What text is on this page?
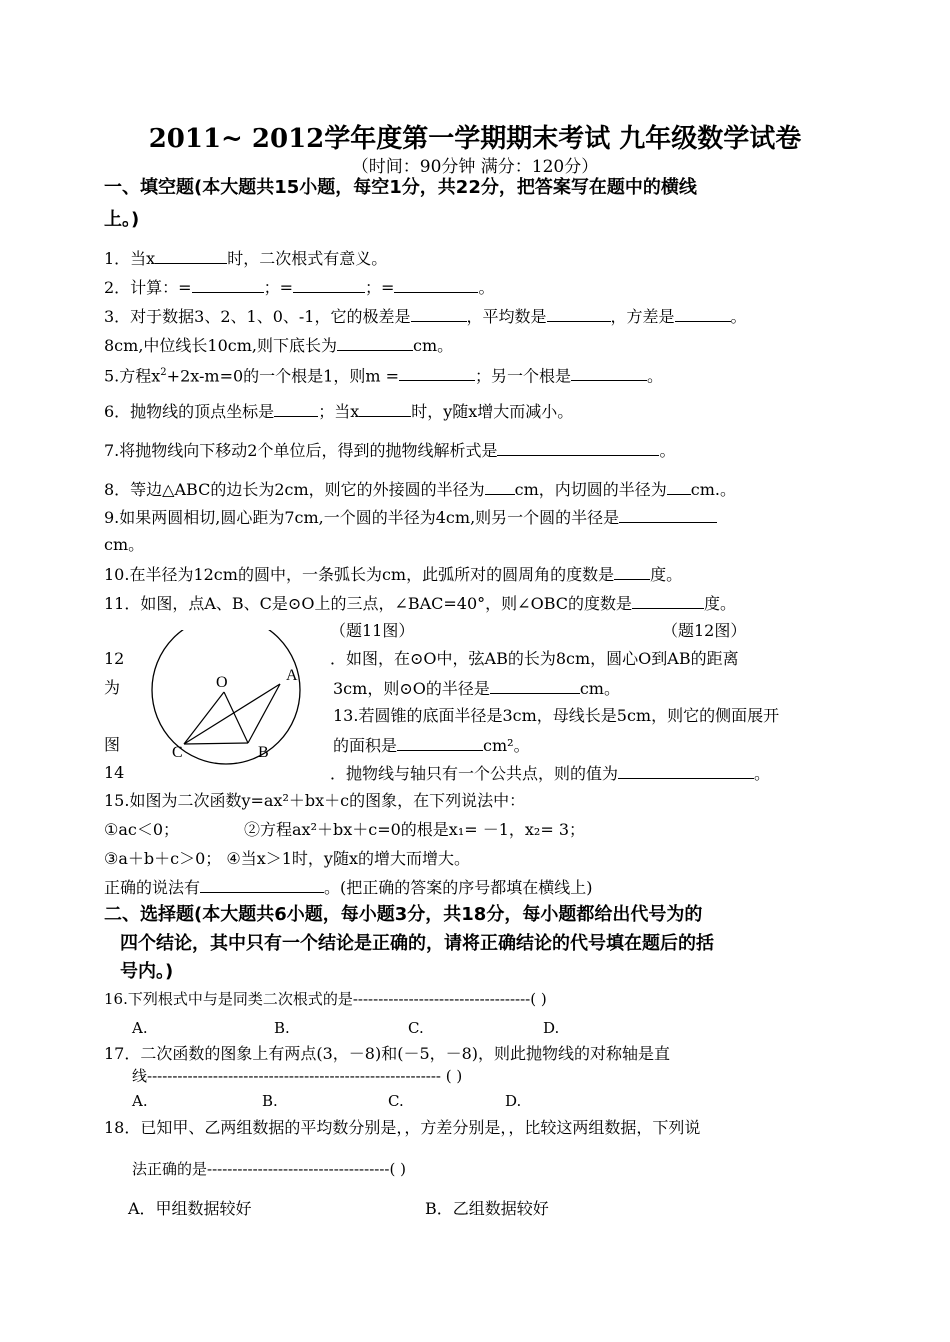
2011~ 2012学年度第一学期期末考试 九年级数学试卷
（时间：90分钟 满分：120分）
一、填空题(本大题共15小题，每空1分，共22分，把答案写在题中的横线
上。)
1．当x	时，二次根式有意义。
2．计算：=	；=	；=	。
3．对于数据3、2、1、0、-1，它的极差是	，平均数是	，方差是	。
8cm,中位线长10cm,则下底长为	cm。
5.方程$x^2+2x-m=0$的一个根是1，则m =	；另一个根是	。
6．抛物线的顶点坐标是	；当x	时，y随x增大而减小。
7.将抛物线向下移动2个单位后，得到的抛物线解析式是	。
8．等边△ABC的边长为2cm，则它的外接圆的半径为 cm，内切圆的半径为 cm.。
9.如果两圆相切,圆心距为7cm,一个圆的半径为4cm,则另一个圆的半径是
cm。
10.在半径为12cm的圆中，一条弧长为cm，此弧所对的圆周角的度数是 度。
11．如图，点A、B、C是⊙O上的三点，∠BAC=40°，则∠OBC的度数是	度。
（题11图）	（题12图）
12
为
图
14
O	A
B
C
．如图，在⊙O中，弦AB的长为8cm，圆心O到AB的距离
3cm，则⊙O的半径是	cm。
13.若圆锥的底面半径是3cm，母线长是5cm，则它的侧面展开
的面积是	cm²。
．抛物线与轴只有一个公共点，则的值为	。
15.如图为二次函数y=ax²＋bx＋c的图象，在下列说法中：
①ac＜0；	②方程ax²＋bx＋c=0的根是x₁= －1，x₂= 3；
③a＋b＋c＞0； ④当x＞1时，y随x的增大而增大。
正确的说法有	。(把正确的答案的序号都填在横线上)
二、选择题(本大题共6小题，每小题3分，共18分，每小题都给出代号为的
四个结论，其中只有一个结论是正确的，请将正确结论的代号填在题后的括
号内。)
16.下列根式中与是同类二次根式的是-----------------------------------( )
A.	B.	C.	D.
17．二次函数的图象上有两点(3，－8)和(－5，－8)，则此抛物线的对称轴是直
线---------------------------------------------------------- ( )
A.	B.	C.	D.
18．已知甲、乙两组数据的平均数分别是，，方差分别是，，比较这两组数据，下列说
法正确的是------------------------------------( )
A．甲组数据较好	B．乙组数据较好
